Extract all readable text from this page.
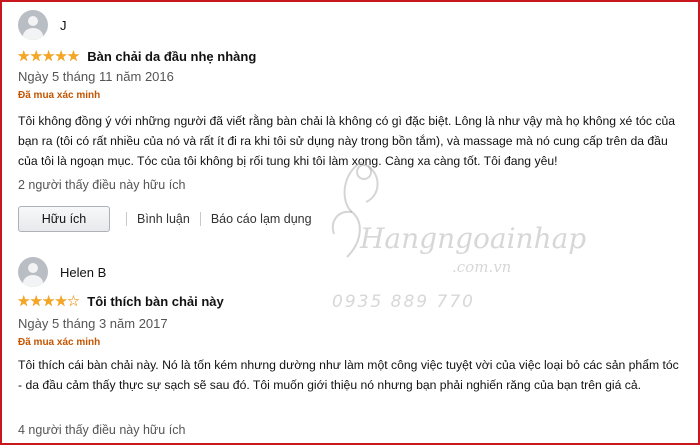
J
★★★★★ Bàn chải da đầu nhẹ nhàng
Ngày 5 tháng 11 năm 2016
Đã mua xác minh
Tôi không đồng ý với những người đã viết rằng bàn chải là không có gì đặc biệt. Lông là như vậy mà họ không xé tóc của bạn ra (tôi có rất nhiều của nó và rất ít đi ra khi tôi sử dụng này trong bồn tắm), và massage mà nó cung cấp trên da đầu của tôi là ngoạn mục. Tóc của tôi không bị rối tung khi tôi làm xong. Càng xa càng tốt. Tôi đang yêu!
2 người thấy điều này hữu ích
Hữu ích	Bình luận Báo cáo lạm dụng
Helen B
★★★★☆ Tôi thích bàn chải này
Ngày 5 tháng 3 năm 2017
Đã mua xác minh
Tôi thích cái bàn chải này. Nó là tốn kém nhưng dường như làm một công việc tuyệt vời của việc loại bỏ các sản phẩm tóc - da đầu cảm thấy thực sự sạch sẽ sau đó. Tôi muốn giới thiệu nó nhưng bạn phải nghiến răng của bạn trên giá cả.
4 người thấy điều này hữu ích
Hangngoainhap
.com.vn
0935 889 770
